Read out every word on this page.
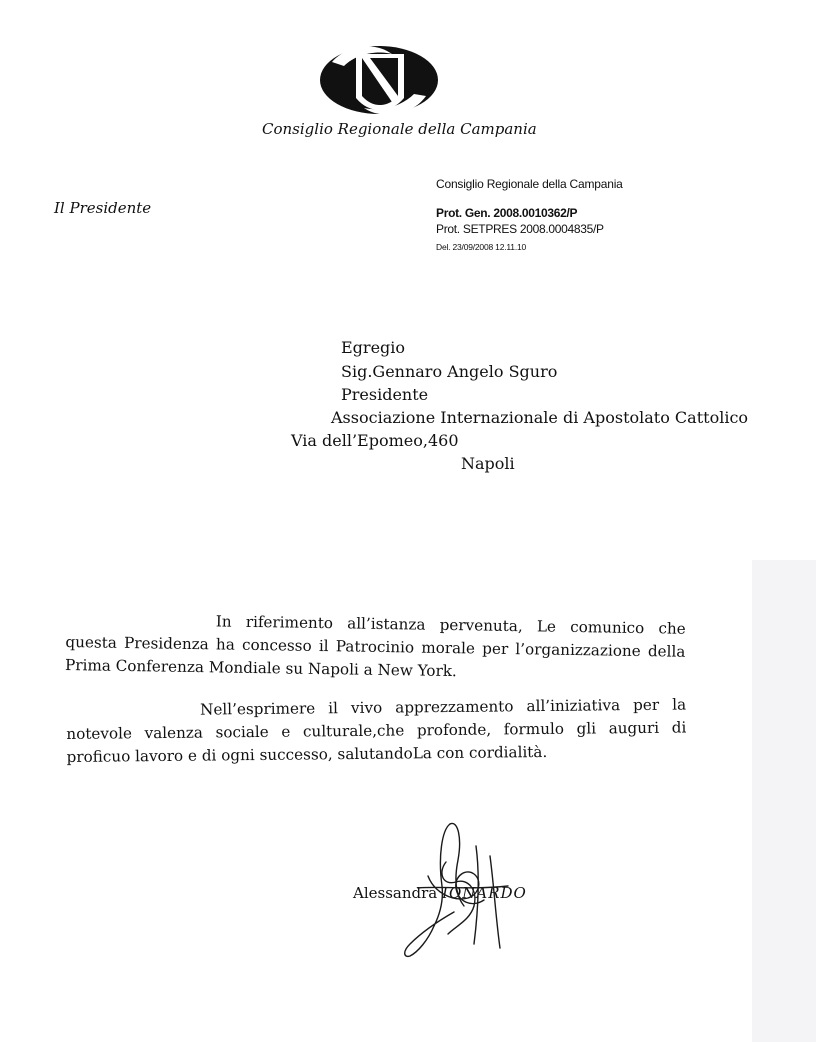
Consiglio Regionale della Campania
Il Presidente
Consiglio Regionale della Campania
Prot. Gen. 2008.0010362/P
Prot. SETPRES 2008.0004835/P
Del. 23/09/2008 12.11.10
Egregio
Sig.Gennaro Angelo Sguro
Presidente
Associazione Internazionale di Apostolato Cattolico
Via dell’Epomeo,460
Napoli
In riferimento all’istanza pervenuta, Le comunico che
questa Presidenza ha concesso il Patrocinio morale per l’organizzazione della
Prima Conferenza Mondiale su Napoli a New York.
Nell’esprimere il vivo apprezzamento all’iniziativa per la
notevole valenza sociale e culturale,che profonde, formulo gli auguri di
proficuo lavoro e di ogni successo, salutandoLa con cordialità.
Alessandra IONARDO
